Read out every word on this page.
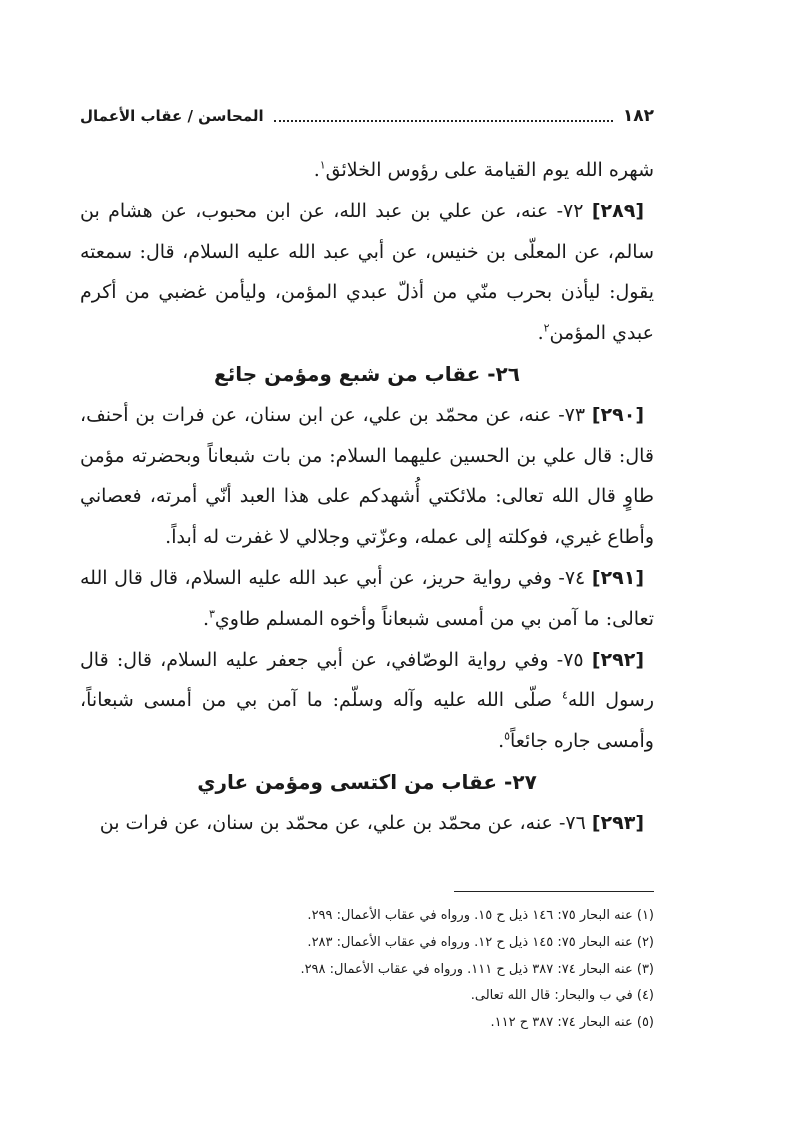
١٨٢
المحاسن / عقاب الأعمال

شهره الله يوم القيامة على رؤوس الخلائق$^١$.

[٢٨٩] ٧٢- عنه، عن علي بن عبد الله، عن ابن محبوب، عن هشام بن سالم، عن المعلّى بن خنيس، عن أبي عبد الله عليه السلام، قال: سمعته يقول: ليأذن بحرب منّي من أذلّ عبدي المؤمن، وليأمن غضبي من أكرم عبدي المؤمن$^٢$.

٢٦- عقاب من شبع ومؤمن جائع

[٢٩٠] ٧٣- عنه، عن محمّد بن علي، عن ابن سنان، عن فرات بن أحنف، قال: قال علي بن الحسين عليهما السلام: من بات شبعاناً وبحضرته مؤمن طاوٍ قال الله تعالى: ملائكتي أُشهدكم على هذا العبد أنّي أمرته، فعصاني وأطاع غيري، فوكلته إلى عمله، وعزّتي وجلالي لا غفرت له أبداً.

[٢٩١] ٧٤- وفي رواية حريز، عن أبي عبد الله عليه السلام، قال قال الله تعالى: ما آمن بي من أمسى شبعاناً وأخوه المسلم طاوي$^٣$.

[٢٩٢] ٧٥- وفي رواية الوصّافي، عن أبي جعفر عليه السلام، قال: قال رسول الله$^٤$ صلّى الله عليه وآله وسلّم: ما آمن بي من أمسى شبعاناً، وأمسى جاره جائعاً$^٥$.

٢٧- عقاب من اكتسى ومؤمن عاري

[٢٩٣] ٧٦- عنه، عن محمّد بن علي، عن محمّد بن سنان، عن فرات بن

(١) عنه البحار ٧٥: ١٤٦ ذيل ح ١٥. ورواه في عقاب الأعمال: ٢٩٩.

(٢) عنه البحار ٧٥: ١٤٥ ذيل ح ١٢. ورواه في عقاب الأعمال: ٢٨٣.

(٣) عنه البحار ٧٤: ٣٨٧ ذيل ح ١١١. ورواه في عقاب الأعمال: ٢٩٨.

(٤) في ب والبحار: قال الله تعالى.

(٥) عنه البحار ٧٤: ٣٨٧ ح ١١٢.
